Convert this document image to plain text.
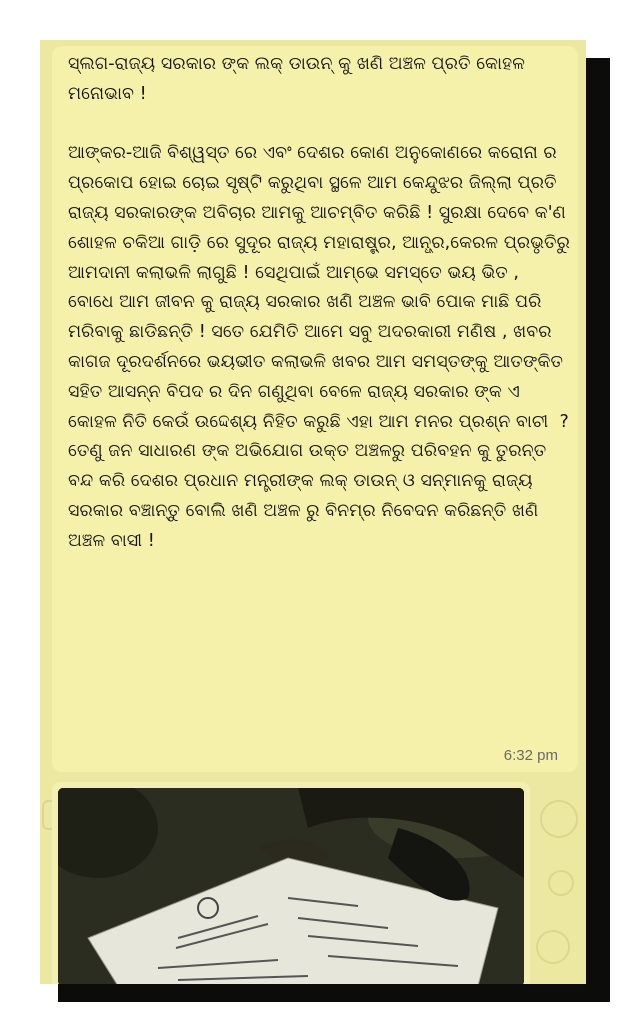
ସ୍ଲଗ-ରାଜ୍ୟ ସରକାର ଙ୍କ ଲକ୍ ଡାଉନ୍ କୁ ଖଣି ଅଞ୍ଚଳ ପ୍ରତି କୋହଳ ମନୋଭାବ !

ଆଙ୍କର-ଆଜି ବିଶ୍ୱସ୍ତ ରେ ଏବଂ ଦେଶର କୋଣ ଅନୁକୋଣରେ କରୋନା ର ପ୍ରକୋପ ହୋଇ ଚୋଇ ସୃଷ୍ଟି କରୁଥିବା ସ୍ଥଳେ ଆମ କେନ୍ଦୁଝର ଜିଲ୍ଲା ପ୍ରତି ରାଜ୍ୟ ସରକାରଙ୍କ ଅବିଚାର ଆମକୁ ଆଚମ୍ବିତ କରିଛି ! ସୁରକ୍ଷା ଦେବେ କ'ଣ ଶୋହଳ ଚକିଆ ଗାଡ଼ି ରେ ସୁଦୂର ରାଜ୍ୟ ମହାରାଷ୍ଟ୍ର, ଆନ୍ଧ୍ର,କେରଳ ପ୍ରଭୃତିରୁ ଆମଦାନୀ କଲାଭଳି ଲାଗୁଛି ! ସେଥିପାଇଁ ଆମ୍ଭେ ସମସ୍ତେ ଭୟ ଭିତ , ବୋଧେ ଆମ ଜୀବନ କୁ ରାଜ୍ୟ ସରକାର ଖଣି ଅଞ୍ଚଳ ଭାବି ପୋକ ମାଛି ପରି ମରିବାକୁ ଛାଡିଛନ୍ତି ! ସତେ ଯେମିତି ଆମେ ସବୁ ଅଦରକାରୀ ମଣିଷ , ଖବର କାଗଜ ଦୂରଦର୍ଶନରେ ଭୟଭୀତ କଲାଭଳି ଖବର ଆମ ସମସ୍ତଙ୍କୁ ଆତଙ୍କିତ ସହିତ ଆସନ୍ନ ବିପଦ ର ଦିନ ଗଣୁଥିବା ବେଳେ ରାଜ୍ୟ ସରକାର ଙ୍କ ଏ କୋହଳ ନିତି କେଉଁ ଉଦ୍ଦେଶ୍ୟ ନିହିତ କରୁଛି ଏହା ଆମ ମନର ପ୍ରଶ୍ନ ବାଚୀ  ? ତେଣୁ ଜନ ସାଧାରଣ ଙ୍କ ଅଭିଯୋଗ ଉକ୍ତ ଅଞ୍ଚଳରୁ ପରିବହନ କୁ ତୁରନ୍ତ ବନ୍ଦ କରି ଦେଶର ପ୍ରଧାନ ମନ୍ତ୍ରୀଙ୍କ ଲକ୍ ଡାଉନ୍ ଓ ସନ୍ମାନକୁ ରାଜ୍ୟ ସରକାର ବଞ୍ଚାନ୍ତୁ ବୋଲି ଖଣି ଅଞ୍ଚଳ ରୁ ବିନମ୍ର ନିବେଦନ କରିଛନ୍ତି ଖଣି ଅଞ୍ଚଳ ବାସୀ !

6:32 pm
